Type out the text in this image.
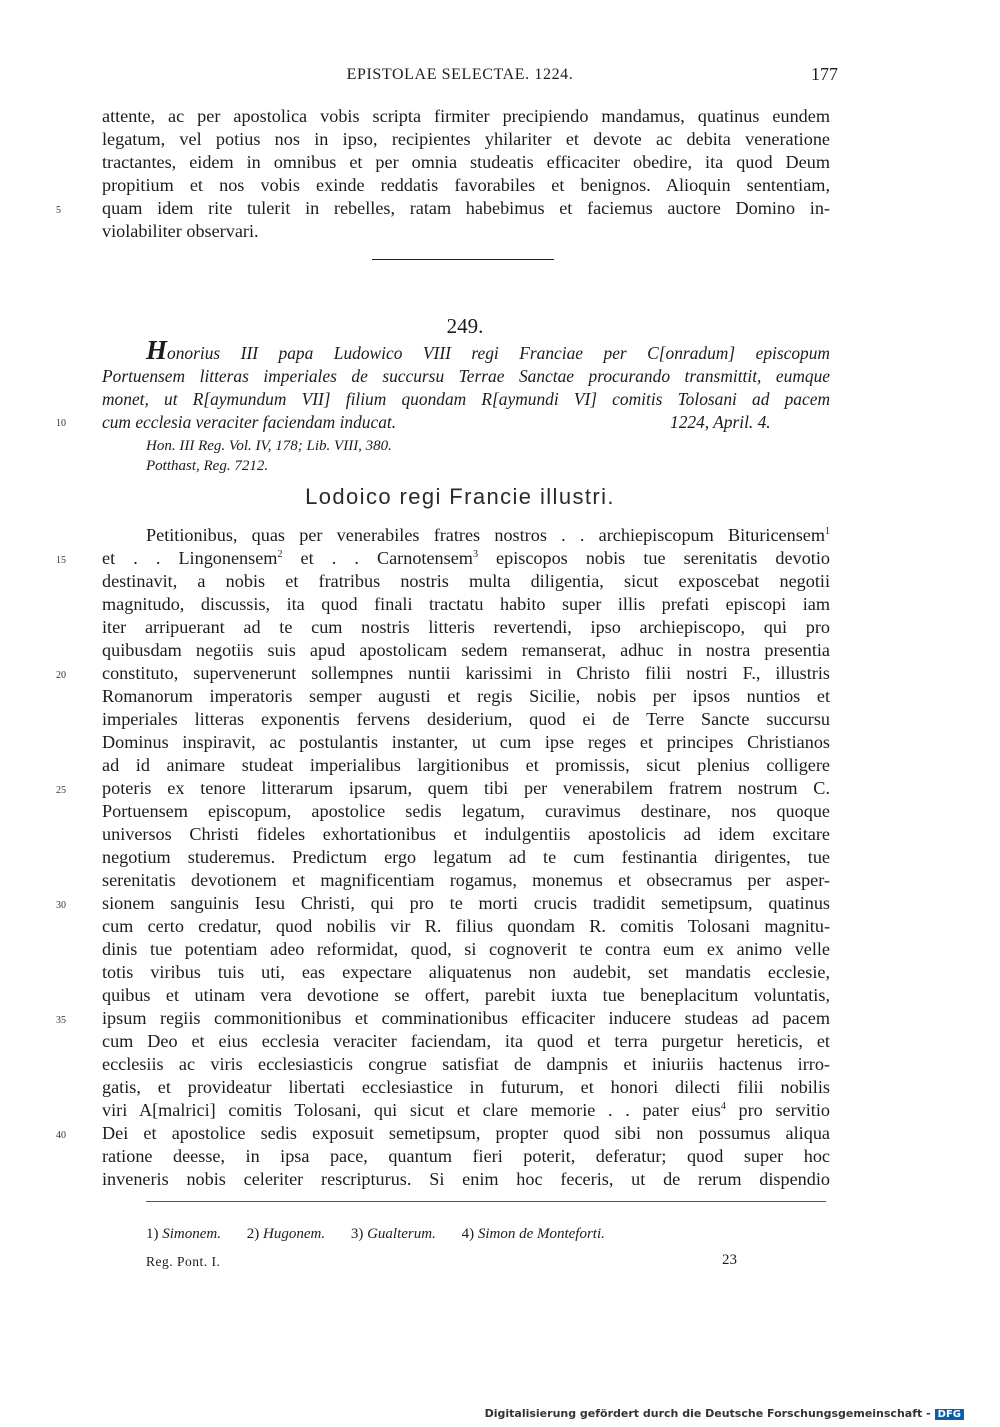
EPISTOLAE SELECTAE. 1224.	177
attente, ac per apostolica vobis scripta firmiter precipiendo mandamus, quatinus eundem
legatum, vel potius nos in ipso, recipientes yhilariter et devote ac debita veneratione
tractantes, eidem in omnibus et per omnia studeatis efficaciter obedire, ita quod Deum
propitium et nos vobis exinde reddatis favorabiles et benignos. Alioquin sententiam,
quam idem rite tulerit in rebelles, ratam habebimus et faciemus auctore Domino in-
violabiliter observari.
5
249.
Honorius III papa Ludowico VIII regi Franciae per C[onradum] episcopum
Portuensem litteras imperiales de succursu Terrae Sanctae procurando transmittit, eumque
monet, ut R[aymundum VII] filium quondam R[aymundi VI] comitis Tolosani ad pacem
cum ecclesia veraciter faciendam inducat.	1224, April. 4.
10
Hon. III Reg. Vol. IV, 178; Lib. VIII, 380.
Potthast, Reg. 7212.
Lodoico regi Francie illustri.
Petitionibus, quas per venerabiles fratres nostros . . archiepiscopum Bituricensem$^1$
et . . Lingonensem$^2$ et . . Carnotensem$^3$ episcopos nobis tue serenitatis devotio
destinavit, a nobis et fratribus nostris multa diligentia, sicut exposcebat negotii
magnitudo, discussis, ita quod finali tractatu habito super illis prefati episcopi iam
iter arripuerant ad te cum nostris litteris revertendi, ipso archiepiscopo, qui pro
quibusdam negotiis suis apud apostolicam sedem remanserat, adhuc in nostra presentia
constituto, supervenerunt sollempnes nuntii karissimi in Christo filii nostri F., illustris
Romanorum imperatoris semper augusti et regis Sicilie, nobis per ipsos nuntios et
imperiales litteras exponentis fervens desiderium, quod ei de Terre Sancte succursu
Dominus inspiravit, ac postulantis instanter, ut cum ipse reges et principes Christianos
ad id animare studeat imperialibus largitionibus et promissis, sicut plenius colligere
poteris ex tenore litterarum ipsarum, quem tibi per venerabilem fratrem nostrum C.
Portuensem episcopum, apostolice sedis legatum, curavimus destinare, nos quoque
universos Christi fideles exhortationibus et indulgentiis apostolicis ad idem excitare
negotium studeremus. Predictum ergo legatum ad te cum festinantia dirigentes, tue
serenitatis devotionem et magnificentiam rogamus, monemus et obsecramus per asper-
sionem sanguinis Iesu Christi, qui pro te morti crucis tradidit semetipsum, quatinus
cum certo credatur, quod nobilis vir R. filius quondam R. comitis Tolosani magnitu-
dinis tue potentiam adeo reformidat, quod, si cognoverit te contra eum ex animo velle
totis viribus tuis uti, eas expectare aliquatenus non audebit, set mandatis ecclesie,
quibus et utinam vera devotione se offert, parebit iuxta tue beneplacitum voluntatis,
ipsum regiis commonitionibus et comminationibus efficaciter inducere studeas ad pacem
cum Deo et eius ecclesia veraciter faciendam, ita quod et terra purgetur hereticis, et
ecclesiis ac viris ecclesiasticis congrue satisfiat de dampnis et iniuriis hactenus irro-
gatis, et provideatur libertati ecclesiastice in futurum, et honori dilecti filii nobilis
viri A[malrici] comitis Tolosani, qui sicut et clare memorie . . pater eius$^4$ pro servitio
Dei et apostolice sedis exposuit semetipsum, propter quod sibi non possumus aliqua
ratione deesse, in ipsa pace, quantum fieri poterit, deferatur; quod super hoc
inveneris nobis celeriter rescripturus. Si enim hoc feceris, ut de rerum dispendio
15
20
25
30
35
40
1) Simonem. 2) Hugonem. 3) Gualterum. 4) Simon de Monteforti.
Reg. Pont. I.	23
Digitalisierung gefördert durch die Deutsche Forschungsgemeinschaft - DFG
